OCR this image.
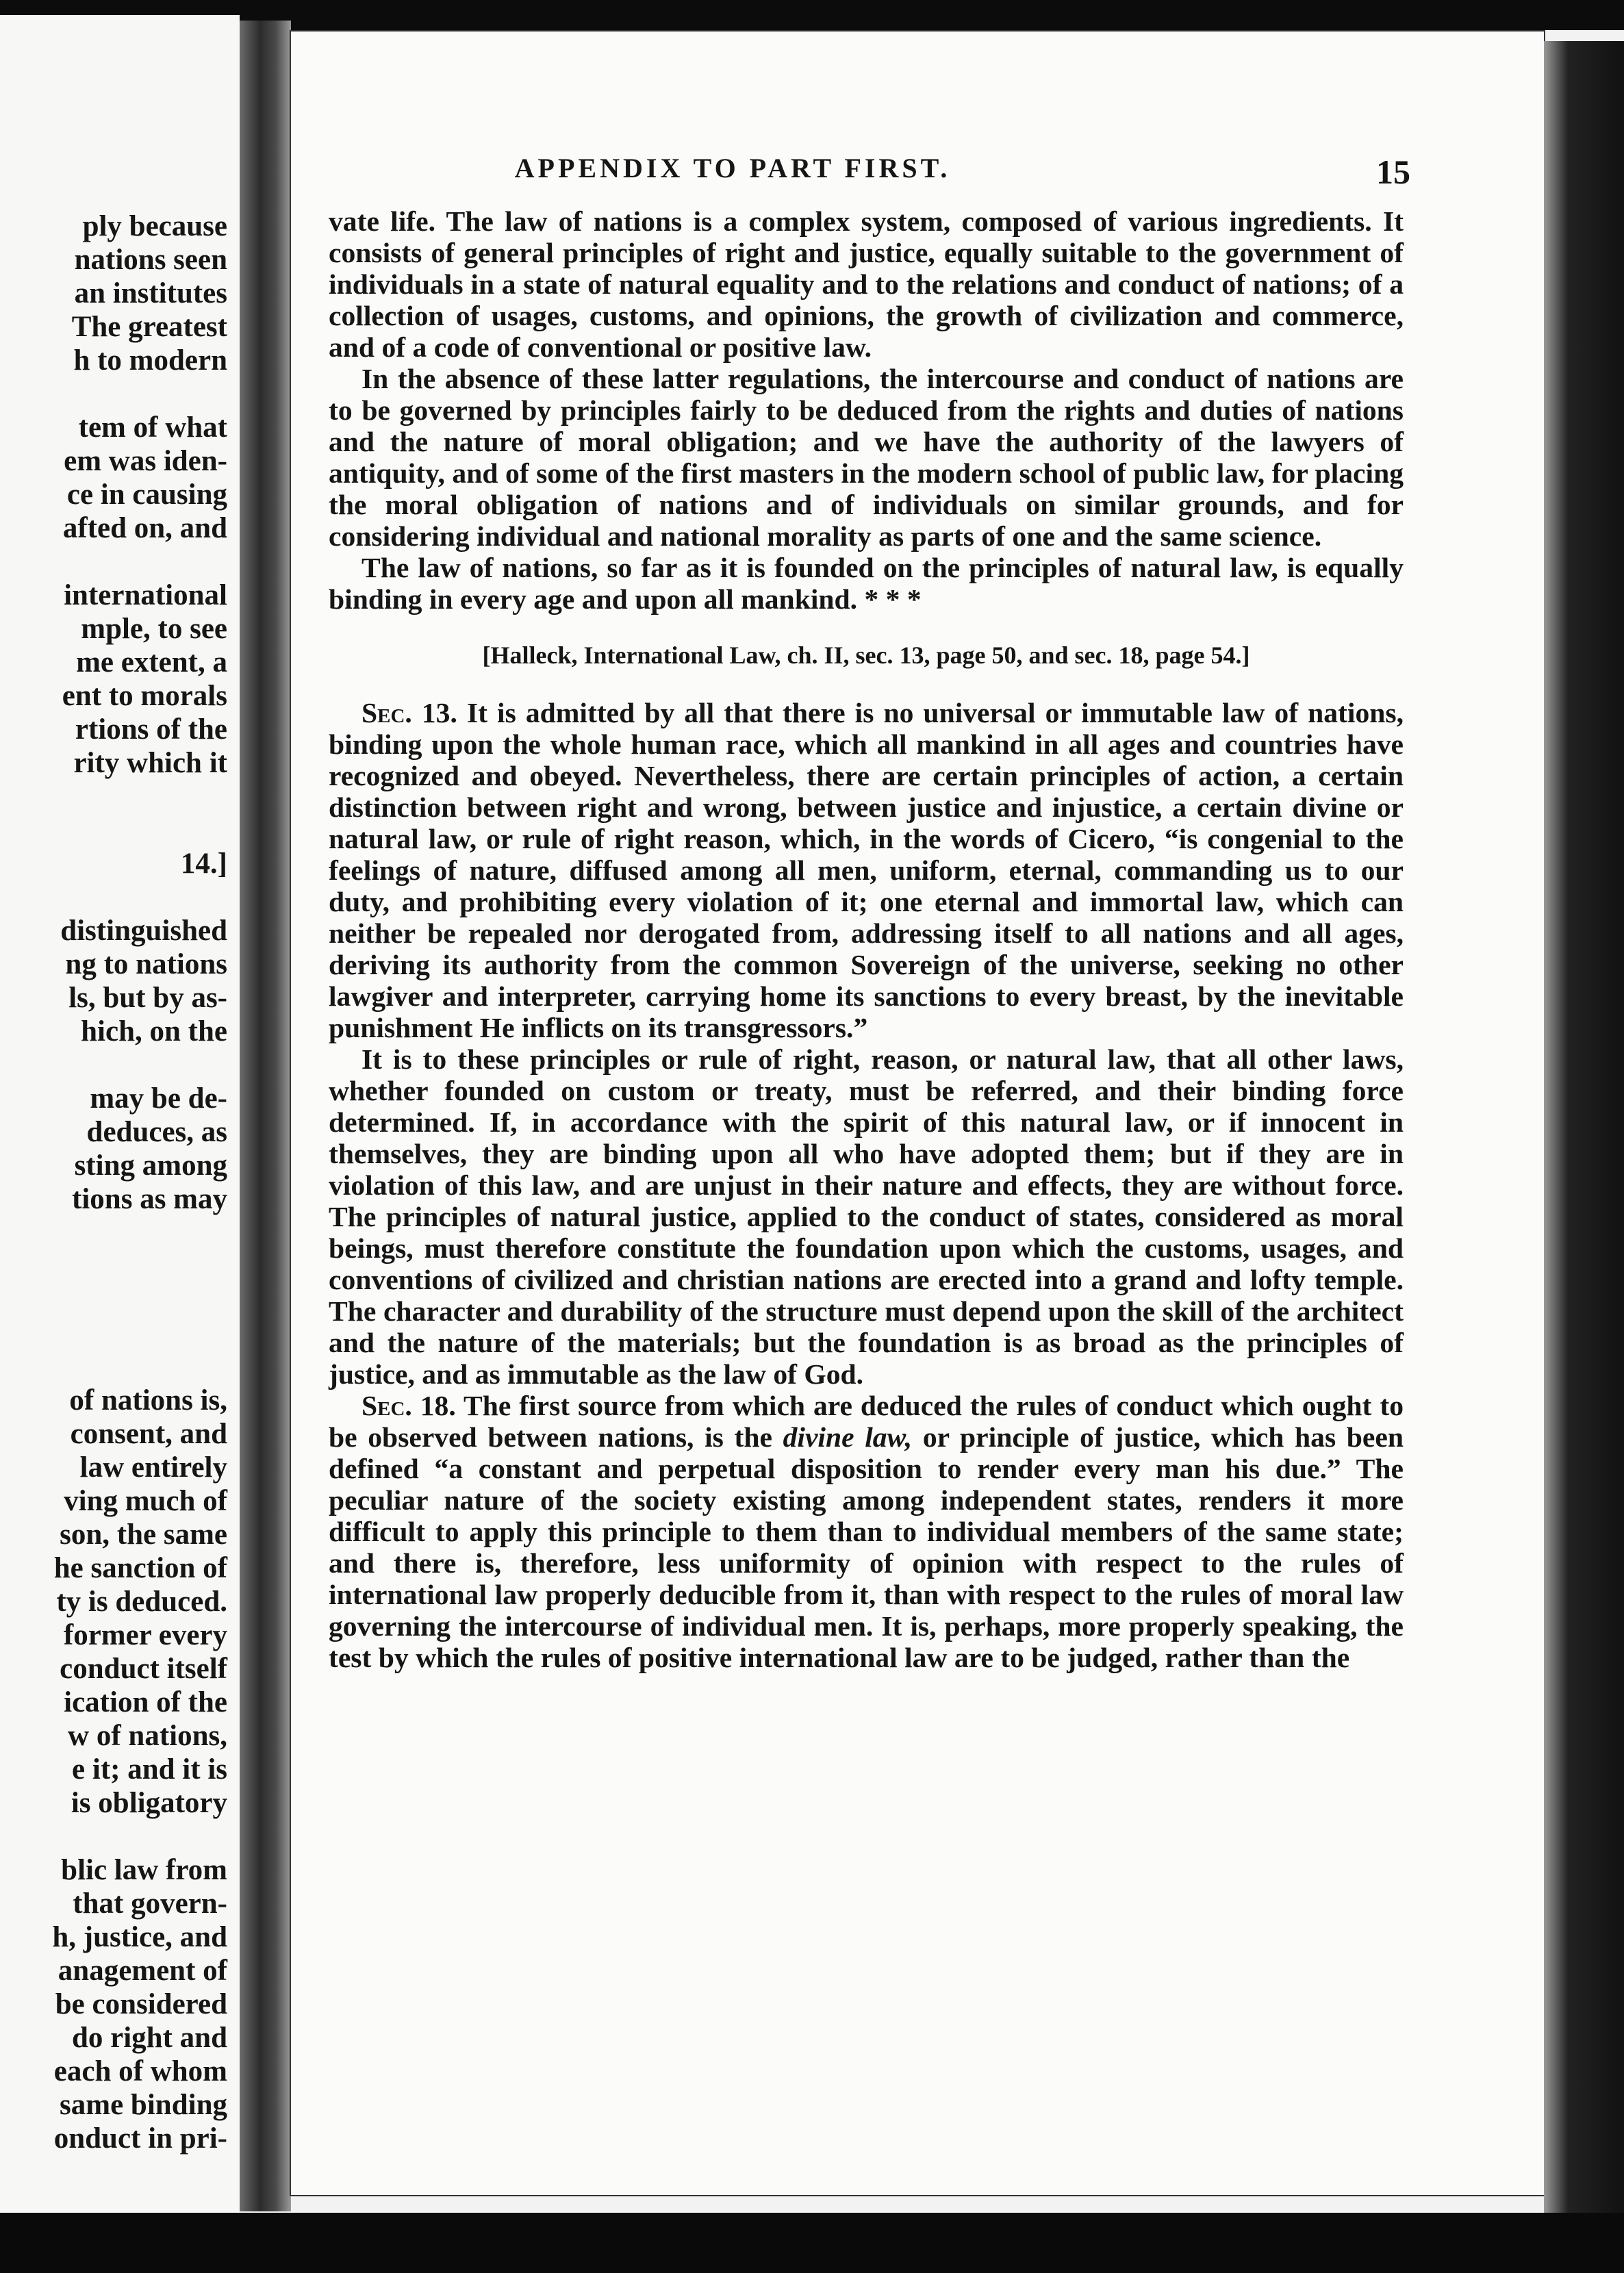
ply because
nations seen
an institutes
The greatest
h to modern
tem of what
em was iden-
ce in causing
afted on, and
international
mple, to see
me extent, a
ent to morals
rtions of the
rity which it
14.]
distinguished
ng to nations
ls, but by as-
hich, on the
may be de-
deduces, as
sting among
tions as may
of nations is,
consent, and
law entirely
ving much of
son, the same
he sanction of
ty is deduced.
former every
conduct itself
ication of the
w of nations,
e it; and it is
is obligatory
blic law from
that govern-
h, justice, and
anagement of
be considered
do right and
each of whom
same binding
onduct in pri-
APPENDIX TO PART FIRST.	15

vate life. The law of nations is a complex system, composed of various ingredients. It consists of general principles of right and justice, equally suitable to the government of individuals in a state of natural equality and to the relations and conduct of nations; of a collection of usages, customs, and opinions, the growth of civilization and commerce, and of a code of conventional or positive law.

In the absence of these latter regulations, the intercourse and conduct of nations are to be governed by principles fairly to be deduced from the rights and duties of nations and the nature of moral obligation; and we have the authority of the lawyers of antiquity, and of some of the first masters in the modern school of public law, for placing the moral obligation of nations and of individuals on similar grounds, and for considering individual and national morality as parts of one and the same science.

The law of nations, so far as it is founded on the principles of natural law, is equally binding in every age and upon all mankind. * * *

[Halleck, International Law, ch. II, sec. 13, page 50, and sec. 18, page 54.]

Sec. 13. It is admitted by all that there is no universal or immutable law of nations, binding upon the whole human race, which all mankind in all ages and countries have recognized and obeyed. Nevertheless, there are certain principles of action, a certain distinction between right and wrong, between justice and injustice, a certain divine or natural law, or rule of right reason, which, in the words of Cicero, “is congenial to the feelings of nature, diffused among all men, uniform, eternal, commanding us to our duty, and prohibiting every violation of it; one eternal and immortal law, which can neither be repealed nor derogated from, addressing itself to all nations and all ages, deriving its authority from the common Sovereign of the universe, seeking no other lawgiver and interpreter, carrying home its sanctions to every breast, by the inevitable punishment He inflicts on its transgressors.”

It is to these principles or rule of right, reason, or natural law, that all other laws, whether founded on custom or treaty, must be referred, and their binding force determined. If, in accordance with the spirit of this natural law, or if innocent in themselves, they are binding upon all who have adopted them; but if they are in violation of this law, and are unjust in their nature and effects, they are without force. The principles of natural justice, applied to the conduct of states, considered as moral beings, must therefore constitute the foundation upon which the customs, usages, and conventions of civilized and christian nations are erected into a grand and lofty temple. The character and durability of the structure must depend upon the skill of the architect and the nature of the materials; but the foundation is as broad as the principles of justice, and as immutable as the law of God.

Sec. 18. The first source from which are deduced the rules of conduct which ought to be observed between nations, is the divine law, or principle of justice, which has been defined “a constant and perpetual disposition to render every man his due.” The peculiar nature of the society existing among independent states, renders it more difficult to apply this principle to them than to individual members of the same state; and there is, therefore, less uniformity of opinion with respect to the rules of international law properly deducible from it, than with respect to the rules of moral law governing the intercourse of individual men. It is, perhaps, more properly speaking, the test by which the rules of positive international law are to be judged, rather than the
